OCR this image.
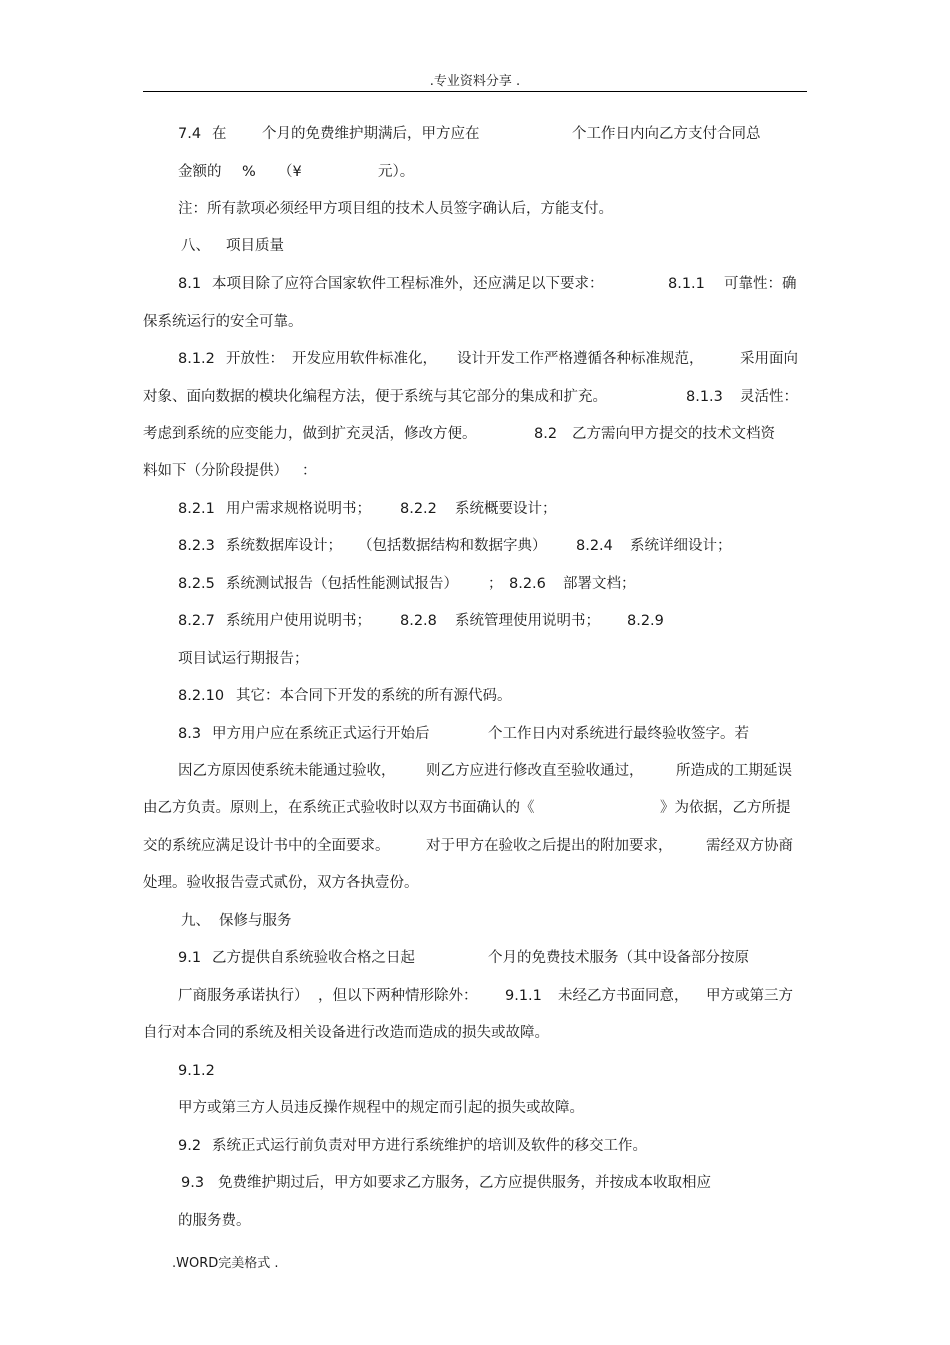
.专业资料分享 .
7.4 在 个月的免费维护期满后，甲方应在	个工作日内向乙方支付合同总
金额的 % （¥	元）。
注：所有款项必须经甲方项目组的技术人员签字确认后，方能支付。
八、 项目质量
8.1 本项目除了应符合国家软件工程标准外，还应满足以下要求：	8.1.1 可靠性：确
保系统运行的安全可靠。
8.1.2 开放性： 开发应用软件标准化， 设计开发工作严格遵循各种标准规范，	采用面向
对象、面向数据的模块化编程方法，便于系统与其它部分的集成和扩充。	8.1.3 灵活性：
考虑到系统的应变能力，做到扩充灵活，修改方便。	8.2 乙方需向甲方提交的技术文档资
料如下（分阶段提供） ：
8.2.1 用户需求规格说明书； 8.2.2 系统概要设计；
8.2.3 系统数据库设计； （包括数据结构和数据字典） 8.2.4 系统详细设计；
8.2.5 系统测试报告（包括性能测试报告） ； 8.2.6 部署文档；
8.2.7 系统用户使用说明书； 8.2.8 系统管理使用说明书； 8.2.9
项目试运行期报告；
8.2.10 其它：本合同下开发的系统的所有源代码。
8.3 甲方用户应在系统正式运行开始后	个工作日内对系统进行最终验收签字。若
因乙方原因使系统未能通过验收， 则乙方应进行修改直至验收通过， 所造成的工期延误
由乙方负责。原则上，在系统正式验收时以双方书面确认的《	》为依据，乙方所提
交的系统应满足设计书中的全面要求。	对于甲方在验收之后提出的附加要求， 需经双方协商
处理。验收报告壹式贰份，双方各执壹份。
九、 保修与服务
9.1 乙方提供自系统验收合格之日起	个月的免费技术服务（其中设备部分按原
厂商服务承诺执行） ，但以下两种情形除外： 9.1.1 未经乙方书面同意， 甲方或第三方
自行对本合同的系统及相关设备进行改造而造成的损失或故障。
9.1.2
甲方或第三方人员违反操作规程中的规定而引起的损失或故障。
9.2 系统正式运行前负责对甲方进行系统维护的培训及软件的移交工作。
9.3 免费维护期过后，甲方如要求乙方服务，乙方应提供服务，并按成本收取相应
的服务费。
.WORD完美格式 .
